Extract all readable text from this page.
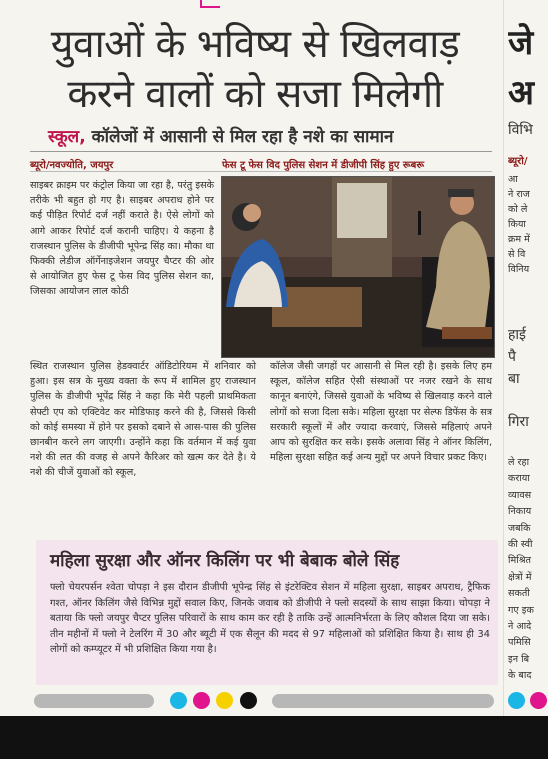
युवाओं के भविष्य से खिलवाड़
करने वालों को सजा मिलेगी
स्कूल, कॉलेजों में आसानी से मिल रहा है नशे का सामान
ब्यूरो/नवज्योति, जयपुर	फेस टू फेस विद पुलिस सेशन में डीजीपी सिंह हुए रूबरू

साइबर क्राइम पर कंट्रोल किया जा रहा है, परंतु इसके तरीके भी बहुत हो गए है। साइबर अपराध होने पर कई पीड़ित रिपोर्ट दर्ज नहीं कराते है। ऐसे लोगों को आगे आकर रिपोर्ट दर्ज करानी चाहिए। ये कहना है राजस्थान पुलिस के डीजीपी भूपेन्द्र सिंह का। मौका था फिक्की लेडीज ऑर्गेनाइजेशन जयपुर चैप्टर की ओर से आयोजित हुए फेस टू फेस विद पुलिस सेशन का, जिसका आयोजन लाल कोठी

स्थित राजस्थान पुलिस हेडक्वार्टर ऑडिटोरियम में शनिवार को हुआ। इस सत्र के मुख्य वक्ता के रूप में शामिल हुए राजस्थान पुलिस के डीजीपी भूपेंद्र सिंह ने कहा कि मेरी पहली प्राथमिकता सेफ्टी एप को एक्टिवेट कर मोडिफाइ करने की है, जिससे किसी को कोई समस्या में होने पर इसको दबाने से आस-पास की पुलिस छानबीन करने लग जाएगी। उन्होंने कहा कि वर्तमान में कई युवा नशे की लत की वजह से अपने कैरिअर को खत्म कर देते है। ये नशे की चीजें युवाओं को स्कूल,

कॉलेज जैसी जगहों पर आसानी से मिल रही है। इसके लिए हम स्कूल, कॉलेज सहित ऐसी संस्थाओं पर नजर रखने के साथ कानून बनाएंगे, जिससे युवाओं के भविष्य से खिलवाड़ करने वाले लोगों को सजा दिला सके। महिला सुरक्षा पर सेल्फ डिफेंस के सत्र सरकारी स्कूलों में और ज्यादा करवाएं, जिससे महिलाएं अपने आप को सुरक्षित कर सके। इसके अलावा सिंह ने ऑनर किलिंग, महिला सुरक्षा सहित कई अन्य मुद्दों पर अपने विचार प्रकट किए।

महिला सुरक्षा और ऑनर किलिंग पर भी बेबाक बोले सिंह
फ्लो चेयरपर्सन श्वेता चोपड़ा ने इस दौरान डीजीपी भूपेन्द्र सिंह से इंटरेक्टिव सेशन में महिला सुरक्षा, साइबर अपराध, ट्रैफिक गश्त, ऑनर किलिंग जैसे विभिन्न मुद्दों सवाल किए, जिनके जवाब को डीजीपी ने फ्लो सदस्यों के साथ साझा किया। चोपड़ा ने बताया कि फ्लो जयपुर चैप्टर पुलिस परिवारों के साथ काम कर रही है ताकि उन्हें आत्मनिर्भरता के लिए कौशल दिया जा सके। तीन महीनों में फ्लो ने टेलरिंग में 30 और ब्यूटी में एक सैलून की मदद से 97 महिलाओं को प्रशिक्षित किया है। साथ ही 34 लोगों को कम्प्यूटर में भी प्रशिक्षित किया गया है।
जे
अ
विभि
ब्यूरो/
आ
ने राज
को ले
किया
क्रम में
से वि
विनिय
हाई
पै
बा
गिरा
ले रहा
कराया
व्यावस
निकाय
जबकि
की स्वी
मिश्रित
क्षेत्रों में
सकती
गए इक
ने आदे
पमिसि
इन बि
के बाद
